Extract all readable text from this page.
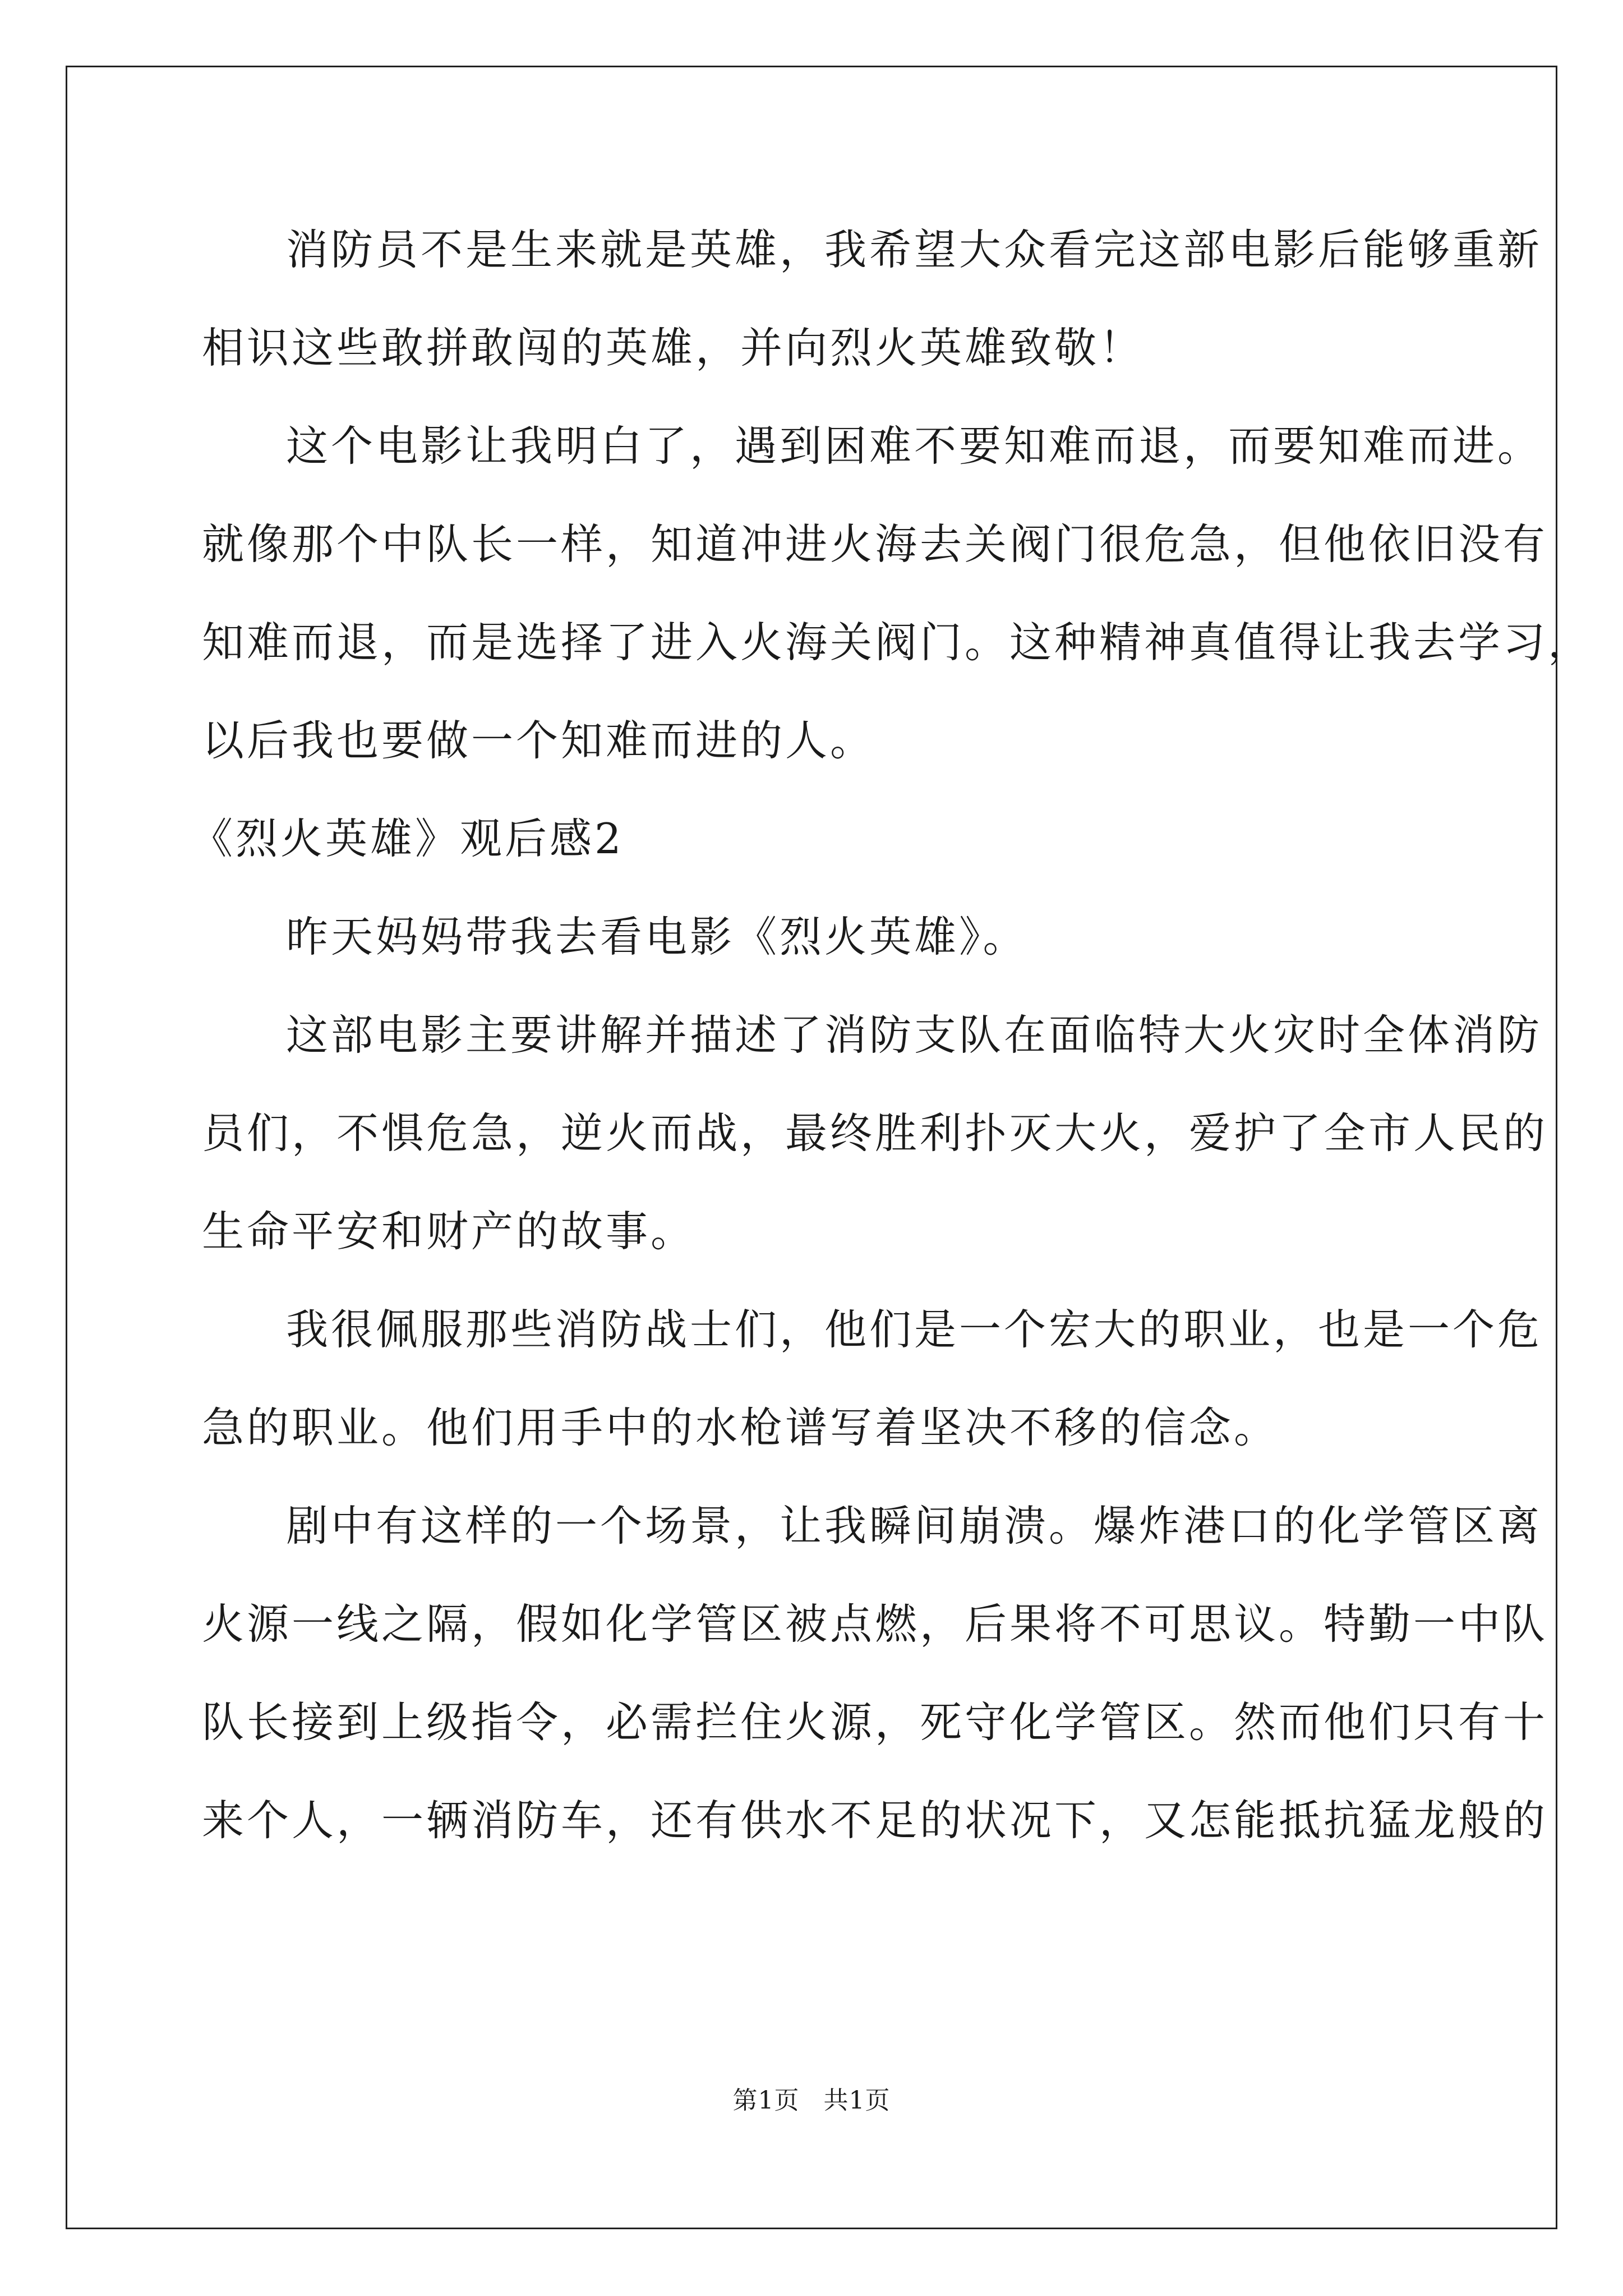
消防员不是生来就是英雄，我希望大众看完这部电影后能够重新
相识这些敢拼敢闯的英雄，并向烈火英雄致敬！
这个电影让我明白了，遇到困难不要知难而退，而要知难而进。
就像那个中队长一样，知道冲进火海去关阀门很危急，但他依旧没有
知难而退，而是选择了进入火海关阀门。这种精神真值得让我去学习，
以后我也要做一个知难而进的人。
《烈火英雄》观后感2
昨天妈妈带我去看电影《烈火英雄》。
这部电影主要讲解并描述了消防支队在面临特大火灾时全体消防
员们，不惧危急，逆火而战，最终胜利扑灭大火，爱护了全市人民的
生命平安和财产的故事。
我很佩服那些消防战士们，他们是一个宏大的职业，也是一个危
急的职业。他们用手中的水枪谱写着坚决不移的信念。
剧中有这样的一个场景，让我瞬间崩溃。爆炸港口的化学管区离
火源一线之隔，假如化学管区被点燃，后果将不可思议。特勤一中队
队长接到上级指令，必需拦住火源，死守化学管区。然而他们只有十
来个人，一辆消防车，还有供水不足的状况下，又怎能抵抗猛龙般的
第1页 共1页
